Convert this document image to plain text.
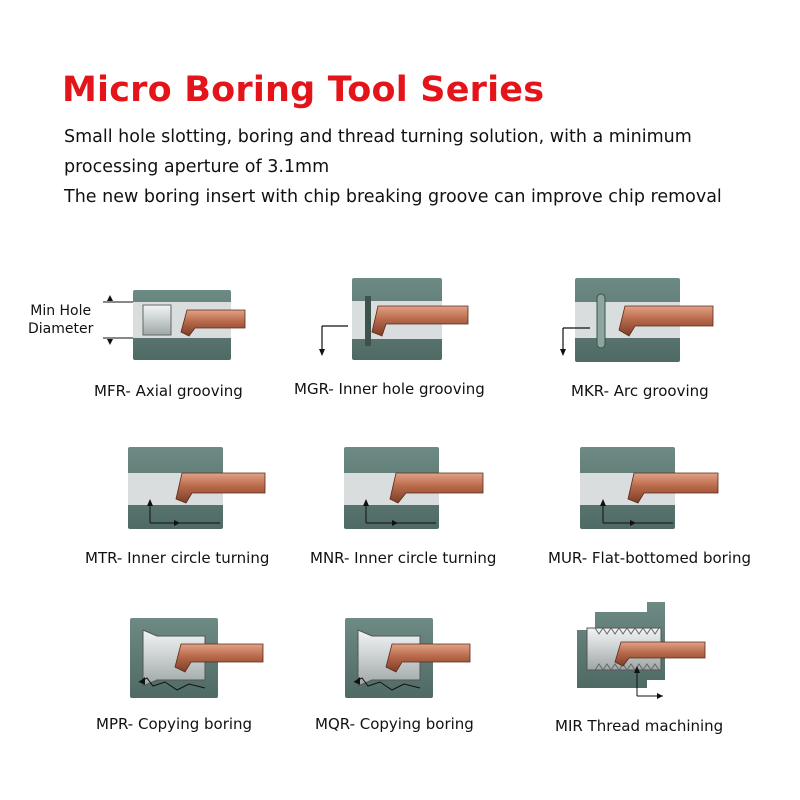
Micro Boring Tool Series
Small hole slotting, boring and thread turning solution, with a minimum
processing aperture of 3.1mm
The new boring insert with chip breaking groove can improve chip removal
Min Hole
Diameter
MFR- Axial grooving	MGR- Inner hole grooving	MKR- Arc grooving
MTR- Inner circle turning	MNR- Inner circle turning	MUR- Flat-bottomed boring
MPR- Copying boring	MQR- Copying boring	MIR Thread machining
